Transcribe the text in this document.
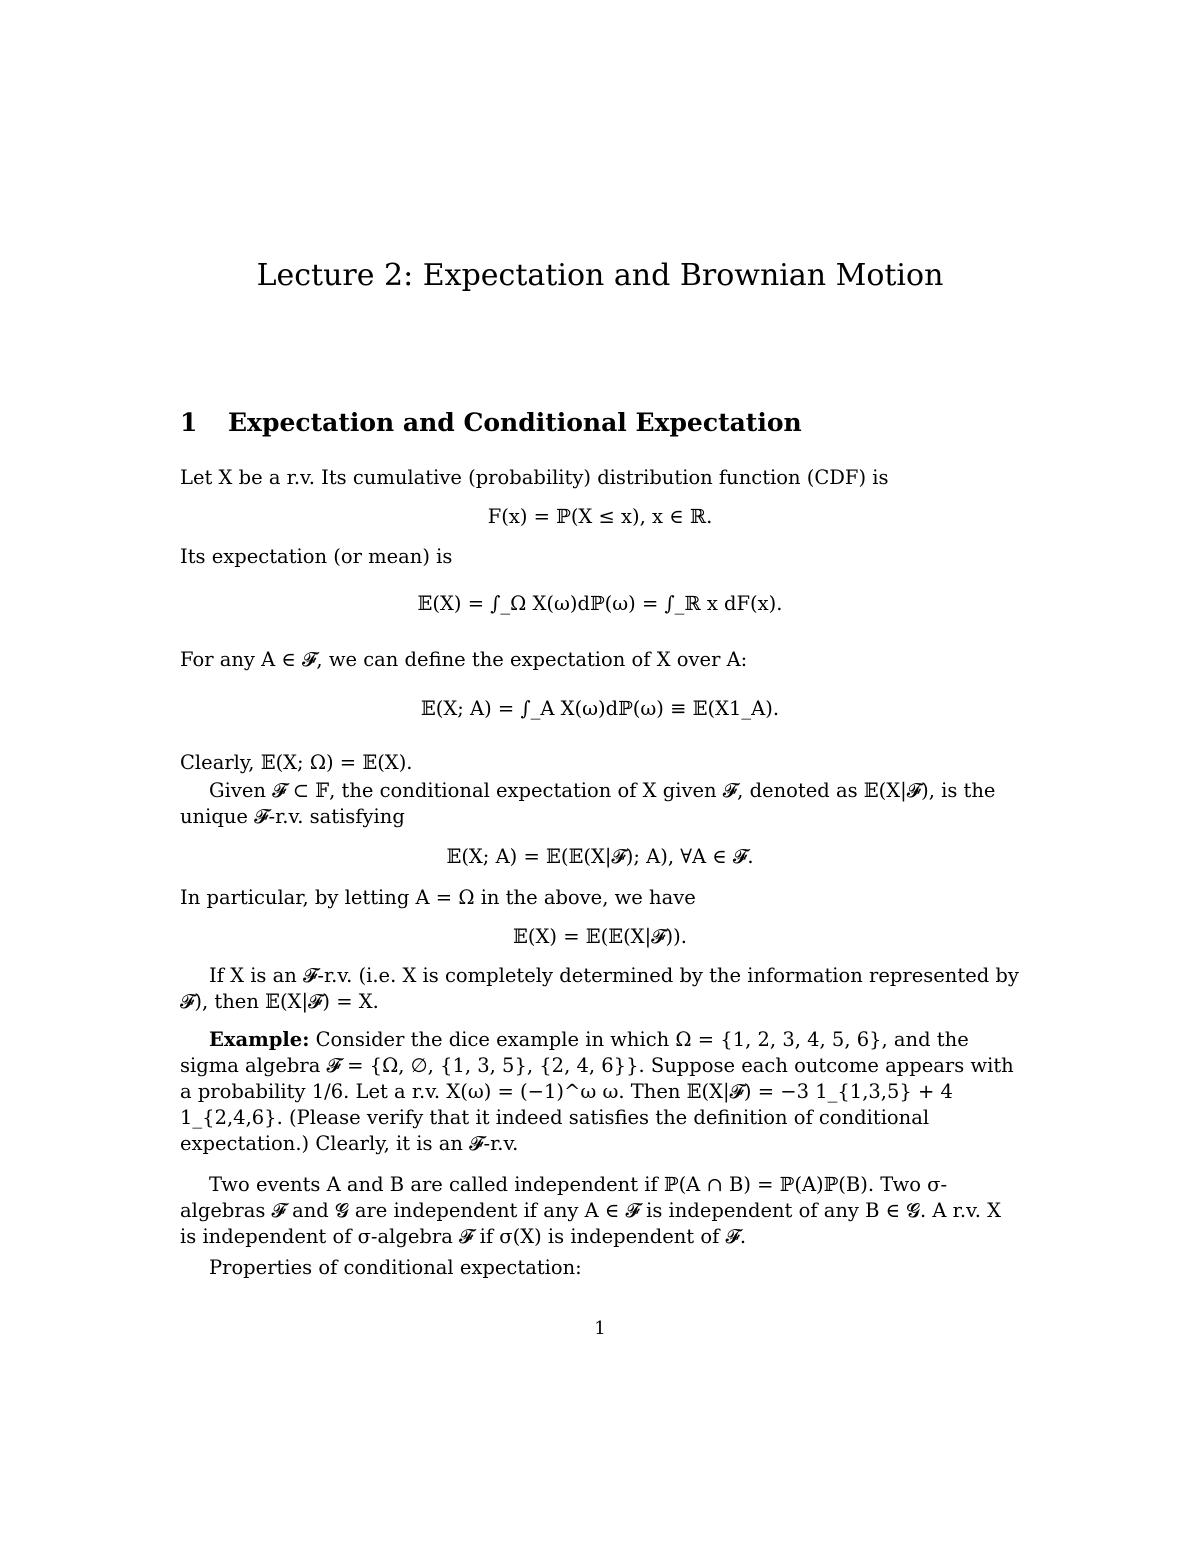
Lecture 2: Expectation and Brownian Motion
1 Expectation and Conditional Expectation
Let X be a r.v. Its cumulative (probability) distribution function (CDF) is
F(x) = ℙ(X ≤ x), x ∈ ℝ.
Its expectation (or mean) is
𝔼(X) = ∫_Ω X(ω)dℙ(ω) = ∫_ℝ x dF(x).
For any A ∈ 𝓕, we can define the expectation of X over A:
𝔼(X; A) = ∫_A X(ω)dℙ(ω) ≡ 𝔼(X1_A).
Clearly, 𝔼(X; Ω) = 𝔼(X).
Given 𝓕 ⊂ 𝔽, the conditional expectation of X given 𝓕, denoted as 𝔼(X|𝓕), is the unique 𝓕-r.v. satisfying
𝔼(X; A) = 𝔼(𝔼(X|𝓕); A), ∀A ∈ 𝓕.
In particular, by letting A = Ω in the above, we have
𝔼(X) = 𝔼(𝔼(X|𝓕)).
If X is an 𝓕-r.v. (i.e. X is completely determined by the information represented by 𝓕), then 𝔼(X|𝓕) = X.
Example: Consider the dice example in which Ω = {1, 2, 3, 4, 5, 6}, and the sigma algebra 𝓕 = {Ω, ∅, {1, 3, 5}, {2, 4, 6}}. Suppose each outcome appears with a probability 1/6. Let a r.v. X(ω) = (−1)^ω ω. Then 𝔼(X|𝓕) = −3 1_{1,3,5} + 4 1_{2,4,6}. (Please verify that it indeed satisfies the definition of conditional expectation.) Clearly, it is an 𝓕-r.v.
Two events A and B are called independent if ℙ(A ∩ B) = ℙ(A)ℙ(B). Two σ-algebras 𝓕 and 𝓖 are independent if any A ∈ 𝓕 is independent of any B ∈ 𝓖. A r.v. X is independent of σ-algebra 𝓕 if σ(X) is independent of 𝓕.
Properties of conditional expectation:
1
